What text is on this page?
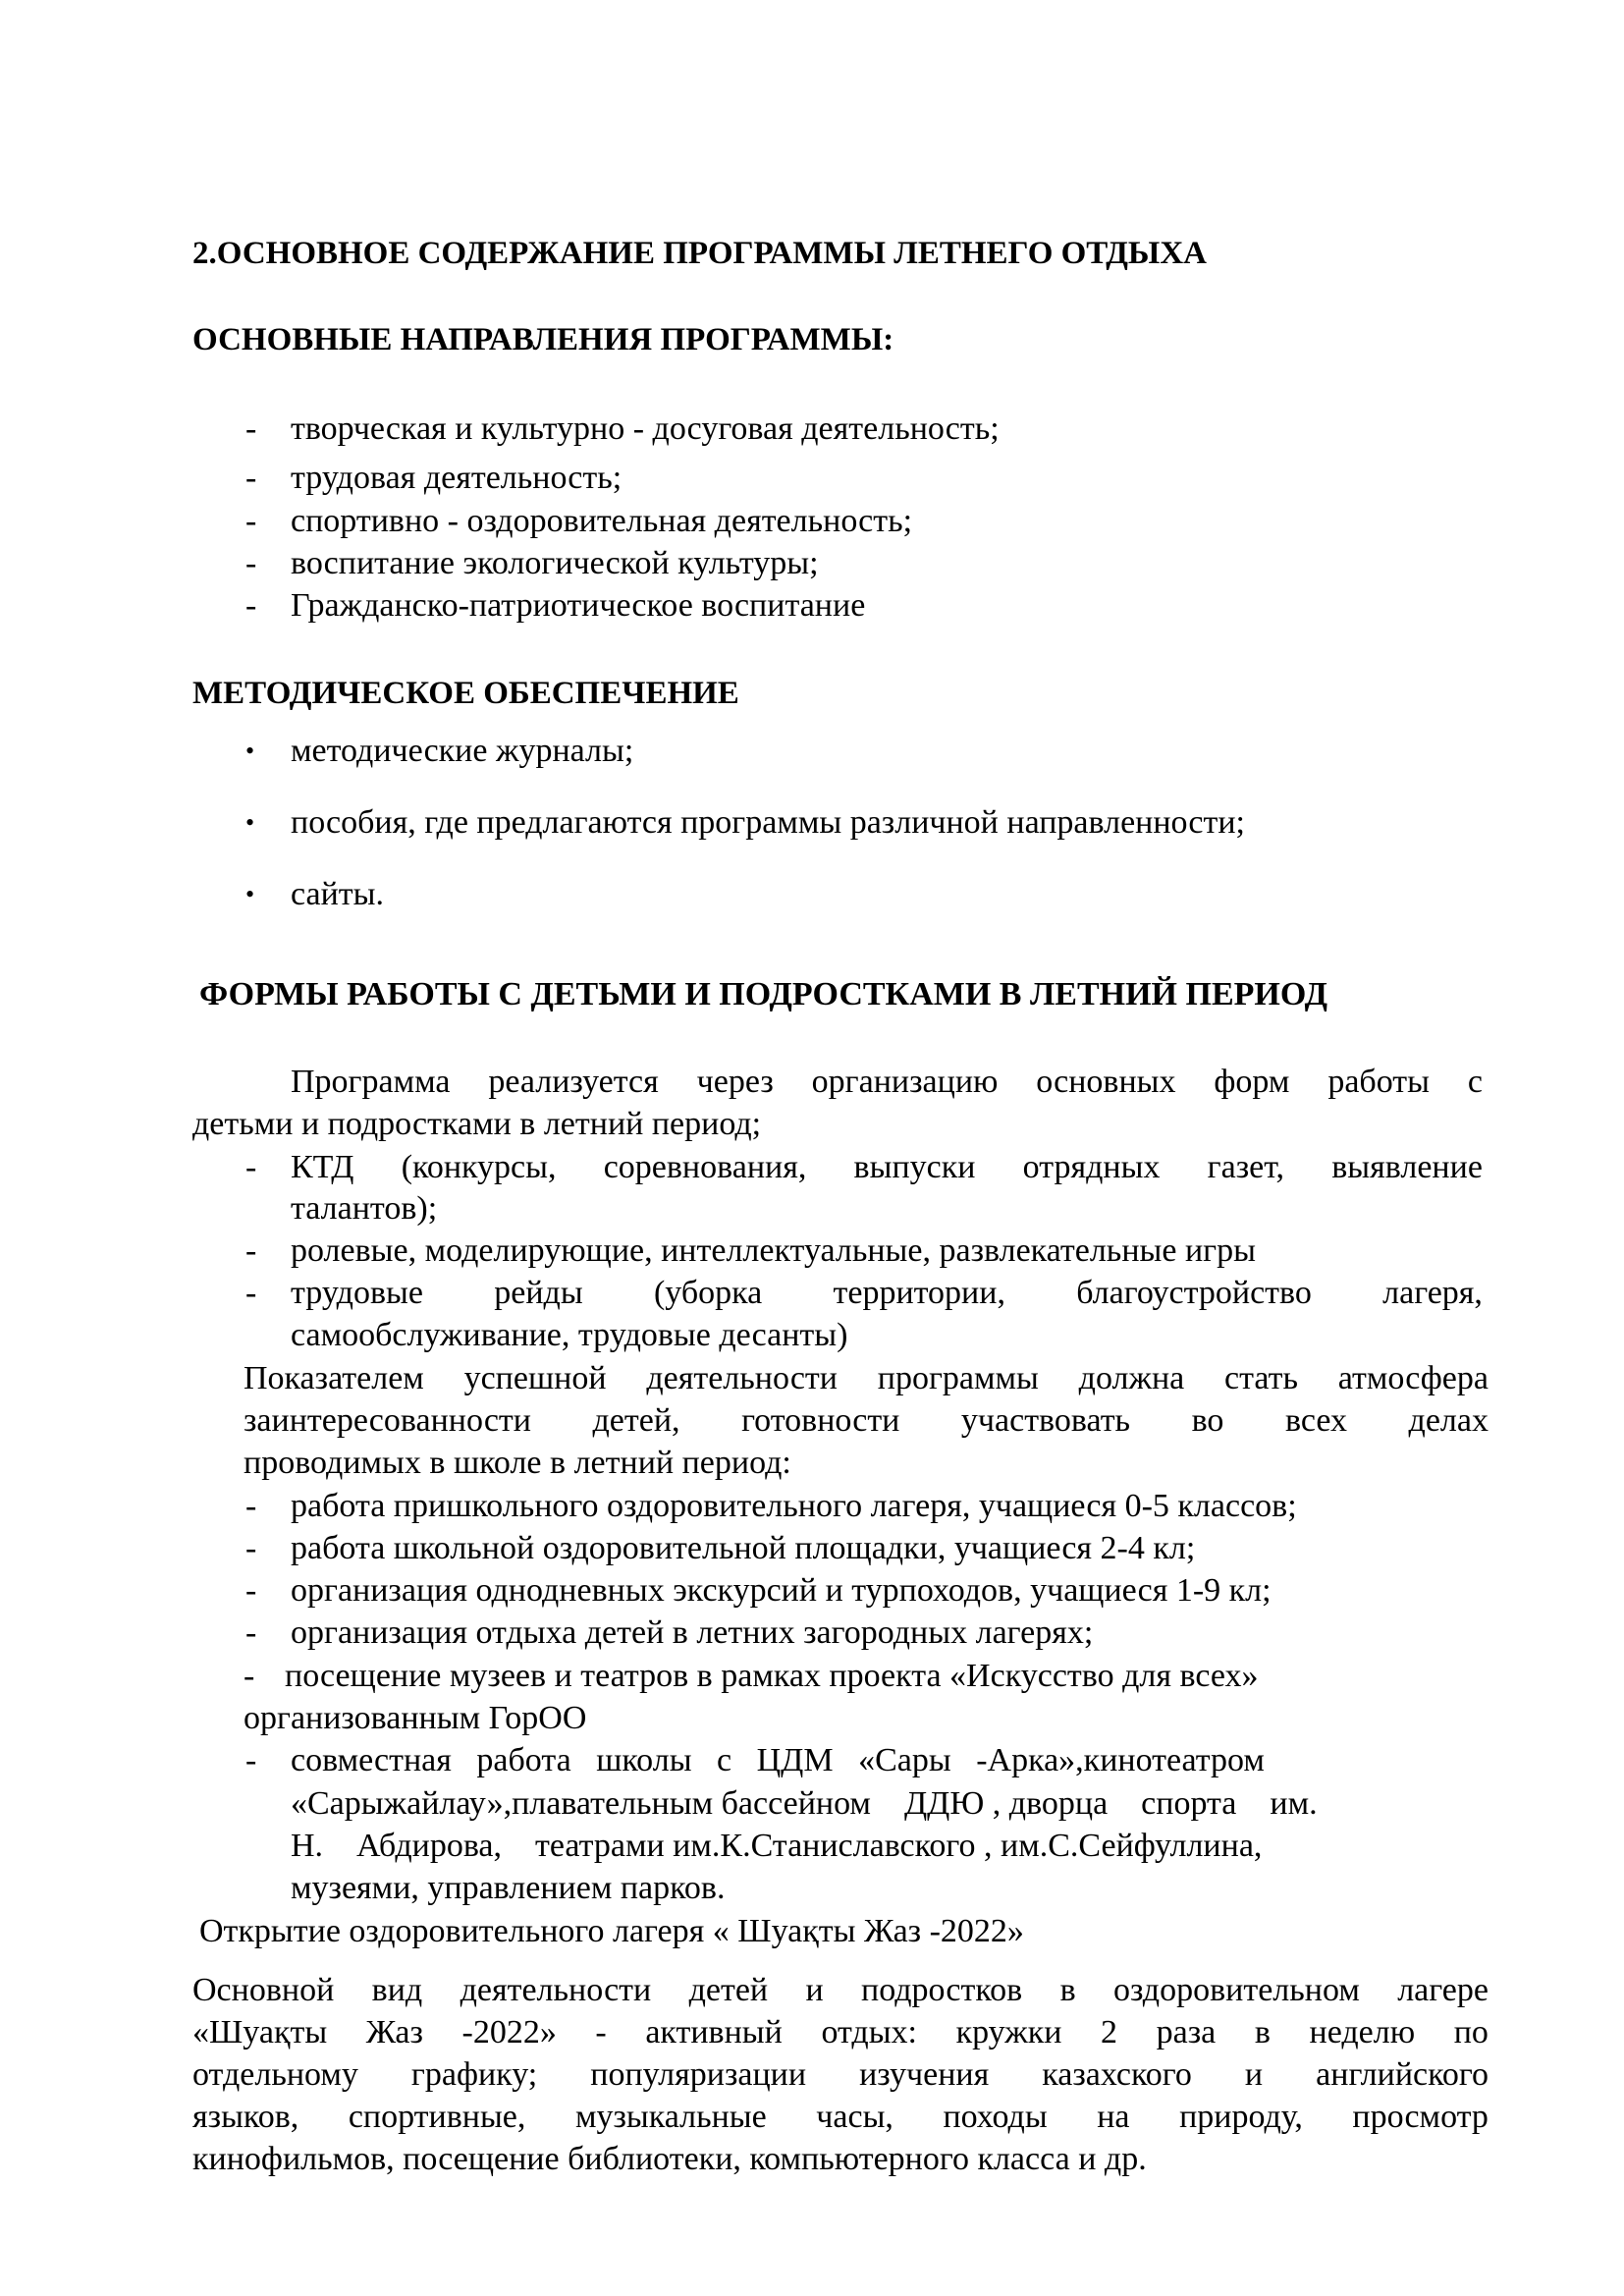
2.ОСНОВНОЕ СОДЕРЖАНИЕ ПРОГРАММЫ ЛЕТНЕГО ОТДЫХА
ОСНОВНЫЕ НАПРАВЛЕНИЯ ПРОГРАММЫ:
- творческая и культурно - досуговая деятельность;
- трудовая деятельность;
- спортивно - оздоровительная деятельность;
- воспитание экологической культуры;
- Гражданско-патриотическое воспитание
МЕТОДИЧЕСКОЕ ОБЕСПЕЧЕНИЕ
• методические журналы;
• пособия, где предлагаются программы различной направленности;
• сайты.
ФОРМЫ РАБОТЫ С ДЕТЬМИ И ПОДРОСТКАМИ В ЛЕТНИЙ ПЕРИОД
Программа реализуется через организацию основных форм работы с
детьми и подростками в летний период;
- КТД (конкурсы, соревнования, выпуски отрядных газет, выявление
талантов);
- ролевые, моделирующие, интеллектуальные, развлекательные игры
- трудовые рейды (уборка территории, благоустройство лагеря,
самообслуживание, трудовые десанты)
Показателем успешной деятельности программы должна стать атмосфера
заинтересованности детей, готовности участвовать во всех делах
проводимых в школе в летний период:
- работа пришкольного оздоровительного лагеря, учащиеся 0-5 классов;
- работа школьной оздоровительной площадки, учащиеся 2-4 кл;
- организация однодневных экскурсий и турпоходов, учащиеся 1-9 кл;
- организация отдыха детей в летних загородных лагерях;
- посещение музеев и театров в рамках проекта «Искусство для всех»
организованным ГорОО
- совместная   работа   школы   с   ЦДМ   «Сары   -Арка»,кинотеатром
«Сарыжайлау»,плавательным бассейном    ДДЮ , дворца    спорта    им.
Н.    Абдирова,    театрами им.К.Станиславского , им.С.Сейфуллина,
музеями, управлением парков.
Открытие оздоровительного лагеря « Шуақты Жаз -2022»
Основной вид деятельности детей и подростков в оздоровительном лагере
«Шуақты Жаз -2022» - активный отдых: кружки 2 раза в неделю по
отдельному графику; популяризации изучения казахского и английского
языков, спортивные, музыкальные часы, походы на природу, просмотр
кинофильмов, посещение библиотеки, компьютерного класса и др.
